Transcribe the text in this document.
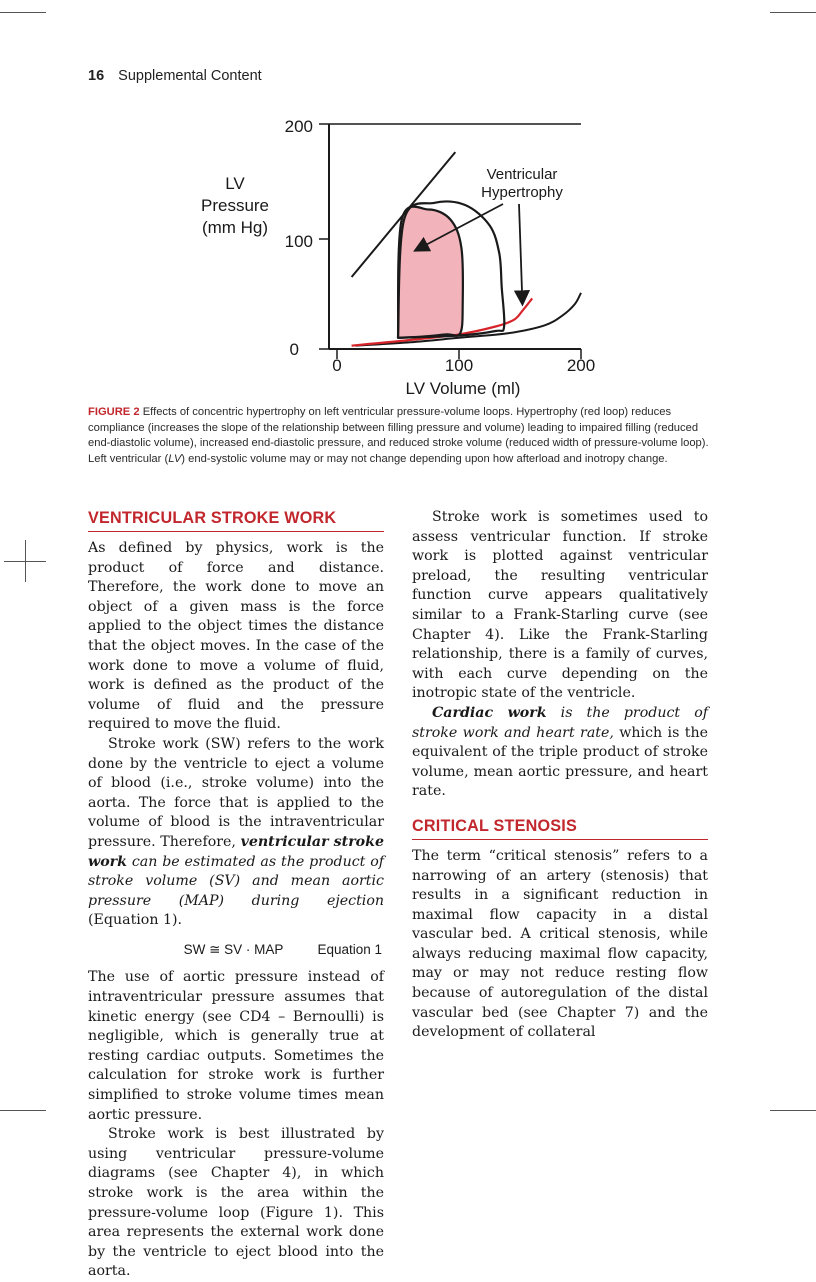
16 Supplemental Content
200
100
0
0	100	200
LV Volume (ml)
LV
Pressure
(mm Hg)
Ventricular
Hypertrophy
FIGURE 2 Effects of concentric hypertrophy on left ventricular pressure-volume loops. Hypertrophy (red loop) reduces compliance (increases the slope of the relationship between filling pressure and volume) leading to impaired filling (reduced end-diastolic volume), increased end-diastolic pressure, and reduced stroke volume (reduced width of pressure-volume loop). Left ventricular (LV) end-systolic volume may or may not change depending upon how afterload and inotropy change.
VENTRICULAR STROKE WORK

As defined by physics, work is the product of force and distance. Therefore, the work done to move an object of a given mass is the force applied to the object times the distance that the object moves. In the case of the work done to move a volume of fluid, work is defined as the product of the volume of fluid and the pressure required to move the fluid.

Stroke work (SW) refers to the work done by the ventricle to eject a volume of blood (i.e., stroke volume) into the aorta. The force that is applied to the volume of blood is the intraventricular pressure. Therefore, ventricular stroke work can be estimated as the product of stroke volume (SV) and mean aortic pressure (MAP) during ejection (Equation 1).

SW ≅ SV · MAP	Equation 1

The use of aortic pressure instead of intraventricular pressure assumes that kinetic energy (see CD4 – Bernoulli) is negligible, which is generally true at resting cardiac outputs. Sometimes the calculation for stroke work is further simplified to stroke volume times mean aortic pressure.

Stroke work is best illustrated by using ventricular pressure-volume diagrams (see Chapter 4), in which stroke work is the area within the pressure-volume loop (Figure 1). This area represents the external work done by the ventricle to eject blood into the aorta.

Stroke work is sometimes used to assess ventricular function. If stroke work is plotted against ventricular preload, the resulting ventricular function curve appears qualitatively similar to a Frank-Starling curve (see Chapter 4). Like the Frank-Starling relationship, there is a family of curves, with each curve depending on the inotropic state of the ventricle.

Cardiac work is the product of stroke work and heart rate, which is the equivalent of the triple product of stroke volume, mean aortic pressure, and heart rate.

CRITICAL STENOSIS

The term “critical stenosis” refers to a narrowing of an artery (stenosis) that results in a significant reduction in maximal flow capacity in a distal vascular bed. A critical stenosis, while always reducing maximal flow capacity, may or may not reduce resting flow because of autoregulation of the distal vascular bed (see Chapter 7) and the development of collateral
